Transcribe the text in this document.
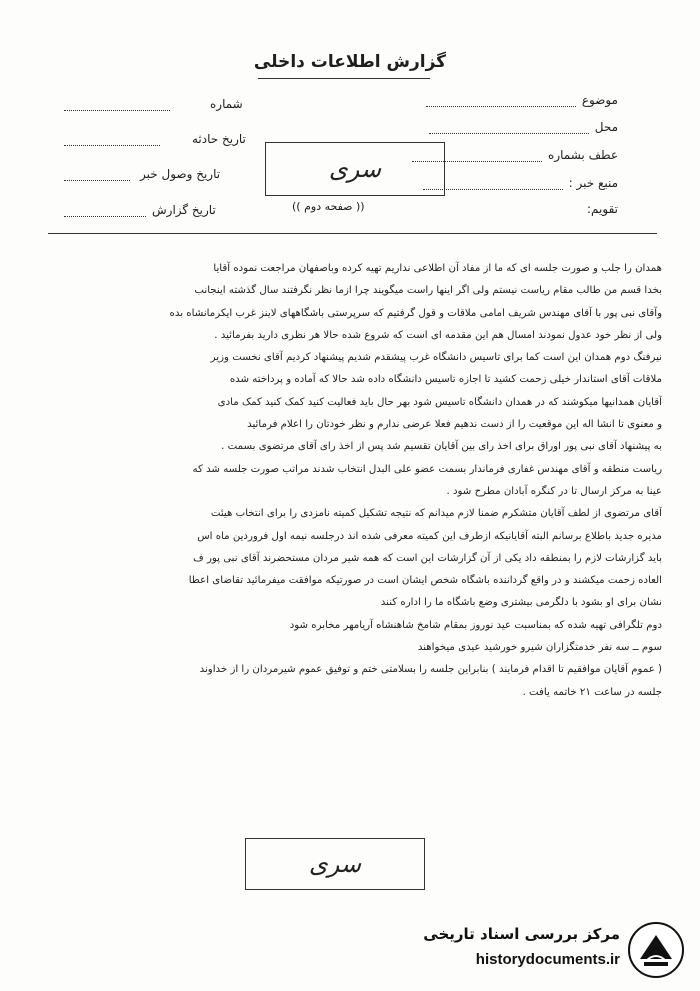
گزارش اطلاعات داخلی
موضوع
محل
عطف بشماره
منبع خبر :
تقویم:
شماره
تاریخ حادثه
تاریخ وصول خبر
تاریخ گزارش
سری
(( صفحه دوم ))
همدان را جلب و صورت جلسه ای که ما از مفاد آن اطلاعی نداریم تهیه کرده وباصفهان مراجعت نموده آقایا
بخدا قسم من طالب مقام ریاست نیستم ولی اگر اینها راست میگویند چرا ازما نظر نگرفتند سال گذشته اینجانب
وآقای نبی پور با آقای مهندس شریف امامی ملاقات و قول گرفتیم که سرپرستی باشگاههای لاینز غرب ایکرمانشاه بده
ولی از نظر خود عدول نمودند امسال هم این مقدمه ای است که شروع شده حالا هر نظری دارید بفرمائید .
نیرفنگ دوم همدان این است کما برای تاسیس دانشگاه غرب پیشقدم شدیم پیشنهاد کردیم آقای نخست وزیر
ملاقات آقای استاندار خیلی زحمت کشید تا اجازه تاسیس دانشگاه داده شد حالا که آماده و پرداخته شده
آقایان همدانیها میکوشند که در همدان دانشگاه تاسیس شود بهر حال باید فعالیت کنید کمک کنید کمک مادی
و معنوی تا انشا اله این موقعیت را از دست ندهیم فعلا عرضی ندارم و نظر خودتان را اعلام فرمائید
به پیشنهاد آقای نبی پور اوراق برای اخذ رای بین آقایان تقسیم شد پس از اخذ رای آقای مرتضوی بسمت .
ریاست منطقه و آقای مهندس غفاری فرماندار بسمت عضو علی البدل انتخاب شدند مراتب صورت جلسه شد که
عینا به مرکز ارسال تا در کنگره آبادان مطرح شود .
آقای مرتضوی از لطف آقایان متشکرم ضمنا لازم میدانم که نتیجه تشکیل کمیته نامزدی را برای انتخاب هیئت
مدیره جدید باطلاع برسانم البته آقایانیکه ازطرف این کمیته معرفی شده اند درجلسه نیمه اول فروردین ماه اس
باید گزارشات لازم را بمنطقه داد یکی از آن گزارشات این است که همه شیر مردان مستحضرند آقای نبی پور ف
العاده زحمت میکشند و در واقع گرداننده باشگاه شخص ایشان است در صورتیکه موافقت میفرمائید تقاضای اعطا
نشان برای او بشود با دلگرمی بیشتری وضع باشگاه ما را اداره کنند
دوم تلگرافی تهیه شده که بمناسبت عید نوروز بمقام شامخ شاهنشاه آریامهر مخابره شود
سوم ــ سه نفر خدمتگزاران شیرو خورشید عیدی میخواهند
( عموم آقایان موافقیم تا اقدام فرمایند ) بنابراین جلسه را بسلامتی ختم و توفیق عموم شیرمردان را از خداوند
جلسه در ساعت ۲۱ خاتمه یافت .
سری
مرکز بررسی اسناد تاریخی
historydocuments.ir
